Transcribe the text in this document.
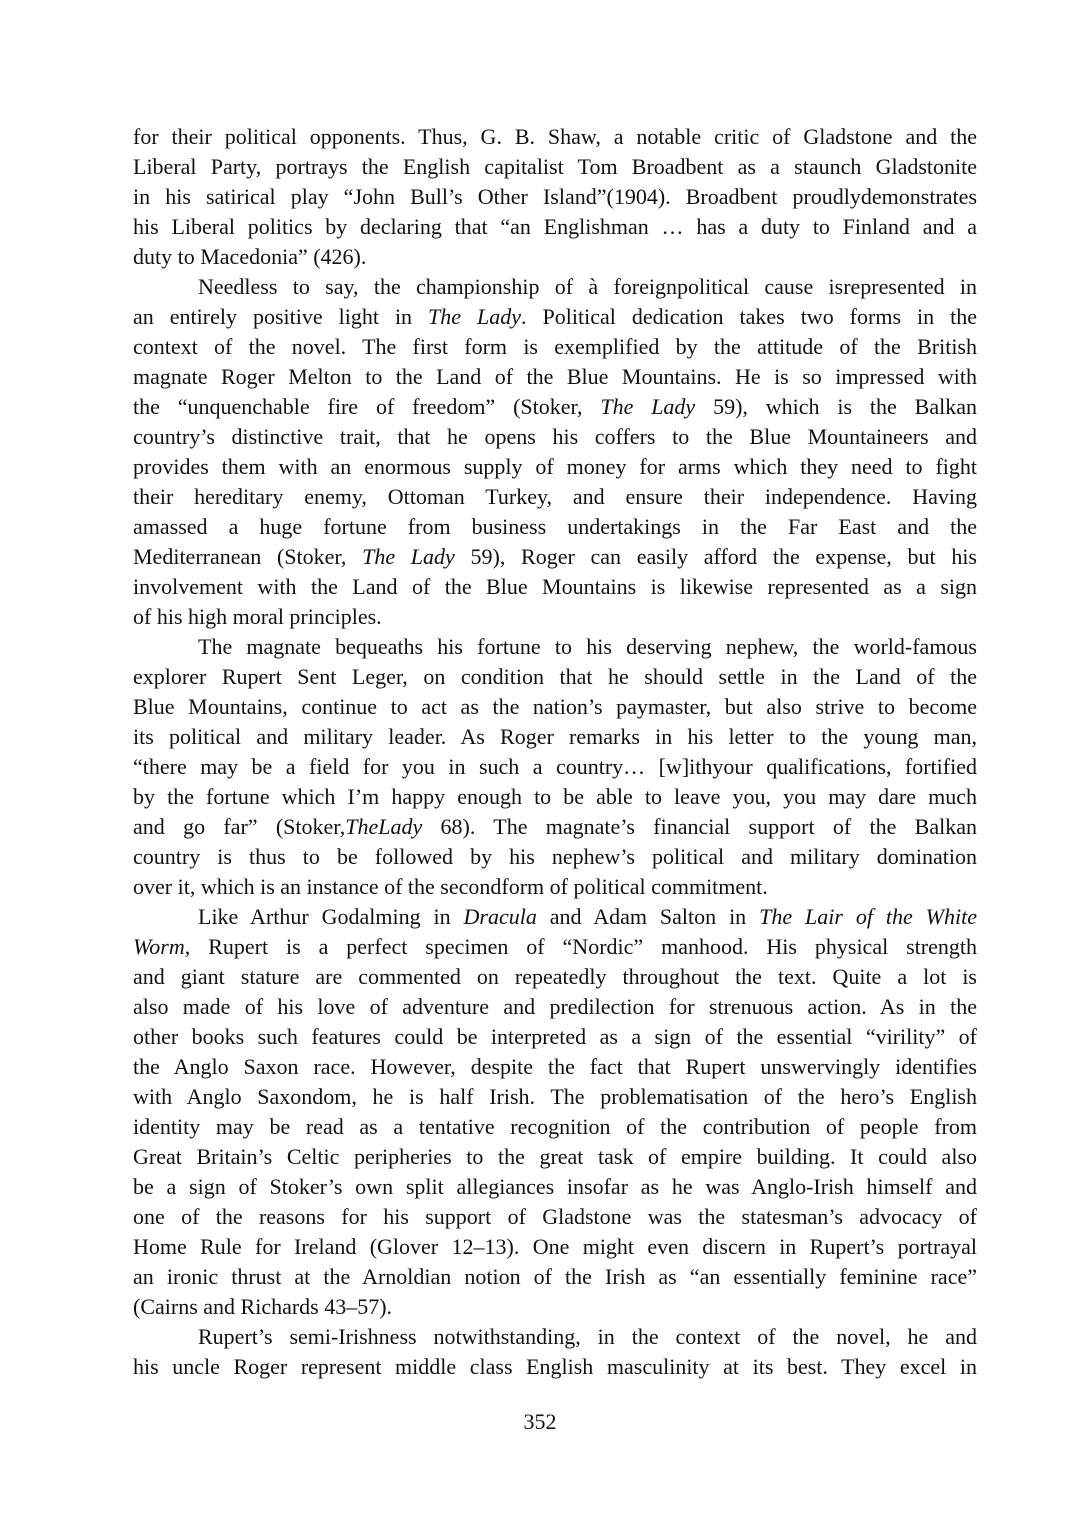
for their political opponents. Thus, G. B. Shaw, a notable critic of Gladstone and the
Liberal Party, portrays the English capitalist Tom Broadbent as a staunch Gladstonite
in his satirical play “John Bull’s Other Island”(1904). Broadbent proudlydemonstrates
his Liberal politics by declaring that “an Englishman … has a duty to Finland and a
duty to Macedonia” (426).
Needless to say, the championship of à foreignpolitical cause isrepresented in
an entirely positive light in The Lady. Political dedication takes two forms in the
context of the novel. The first form is exemplified by the attitude of the British
magnate Roger Melton to the Land of the Blue Mountains. He is so impressed with
the “unquenchable fire of freedom” (Stoker, The Lady 59), which is the Balkan
country’s distinctive trait, that he opens his coffers to the Blue Mountaineers and
provides them with an enormous supply of money for arms which they need to fight
their hereditary enemy, Ottoman Turkey, and ensure their independence. Having
amassed a huge fortune from business undertakings in the Far East and the
Mediterranean (Stoker, The Lady 59), Roger can easily afford the expense, but his
involvement with the Land of the Blue Mountains is likewise represented as a sign
of his high moral principles.
The magnate bequeaths his fortune to his deserving nephew, the world-famous
explorer Rupert Sent Leger, on condition that he should settle in the Land of the
Blue Mountains, continue to act as the nation’s paymaster, but also strive to become
its political and military leader. As Roger remarks in his letter to the young man,
“there may be a field for you in such a country… [w]ithyour qualifications, fortified
by the fortune which I’m happy enough to be able to leave you, you may dare much
and go far” (Stoker,TheLady 68). The magnate’s financial support of the Balkan
country is thus to be followed by his nephew’s political and military domination
over it, which is an instance of the secondform of political commitment.
Like Arthur Godalming in Dracula and Adam Salton in The Lair of the White
Worm, Rupert is a perfect specimen of “Nordic” manhood. His physical strength
and giant stature are commented on repeatedly throughout the text. Quite a lot is
also made of his love of adventure and predilection for strenuous action. As in the
other books such features could be interpreted as a sign of the essential “virility” of
the Anglo Saxon race. However, despite the fact that Rupert unswervingly identifies
with Anglo Saxondom, he is half Irish. The problematisation of the hero’s English
identity may be read as a tentative recognition of the contribution of people from
Great Britain’s Celtic peripheries to the great task of empire building. It could also
be a sign of Stoker’s own split allegiances insofar as he was Anglo-Irish himself and
one of the reasons for his support of Gladstone was the statesman’s advocacy of
Home Rule for Ireland (Glover 12–13). One might even discern in Rupert’s portrayal
an ironic thrust at the Arnoldian notion of the Irish as “an essentially feminine race”
(Cairns and Richards 43–57).
Rupert’s semi-Irishness notwithstanding, in the context of the novel, he and
his uncle Roger represent middle class English masculinity at its best. They excel in
352
